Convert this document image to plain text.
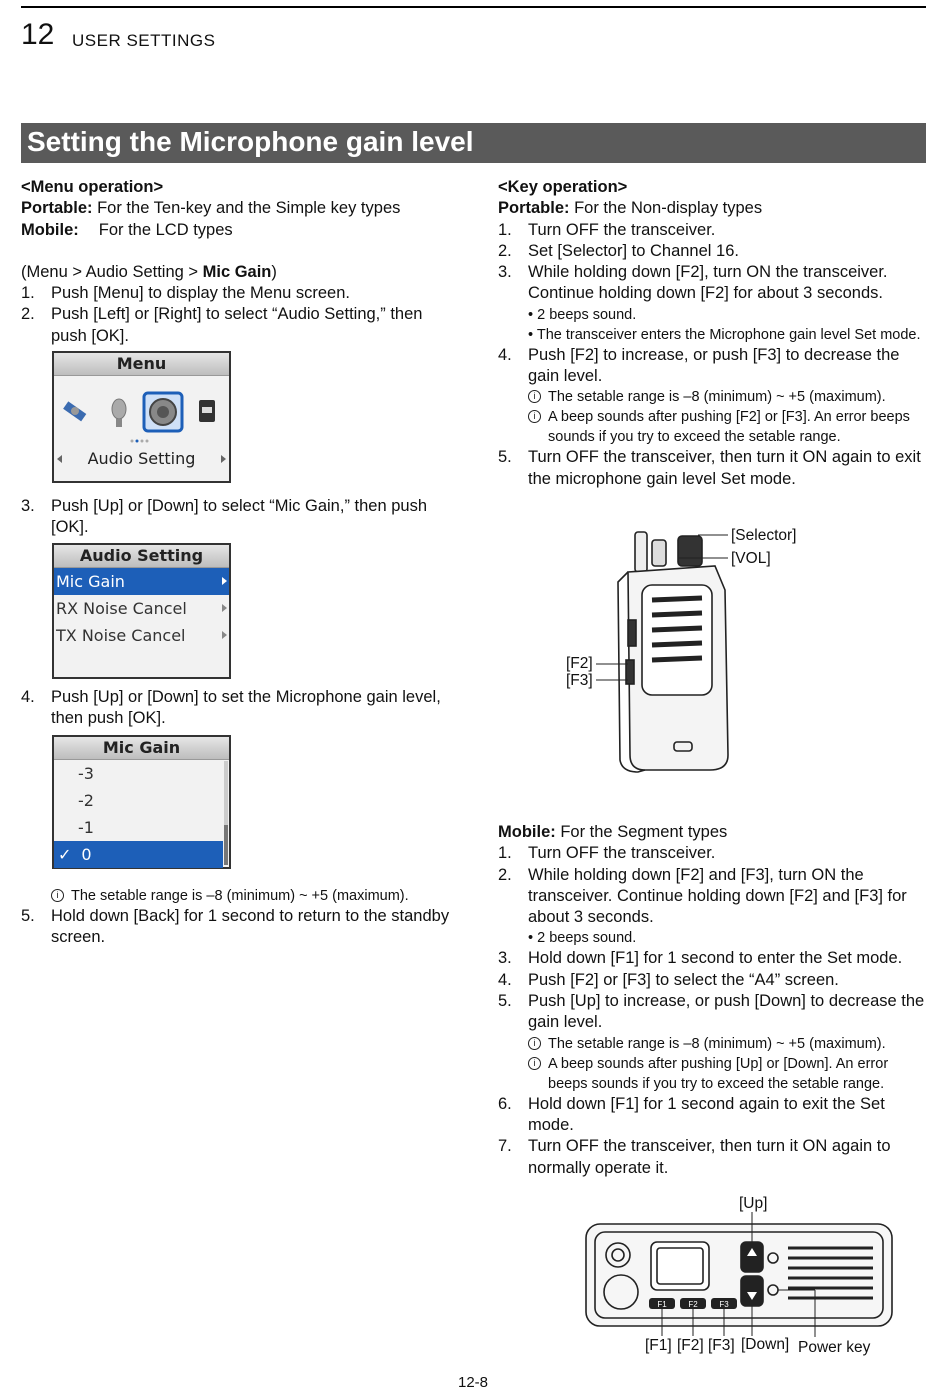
12 USER SETTINGS
Setting the Microphone gain level

<Menu operation>

Portable: For the Ten-key and the Simple key types

Mobile: For the LCD types

(Menu > Audio Setting > Mic Gain)

1. Push [Menu] to display the Menu screen.

2. Push [Left] or [Right] to select “Audio Setting,” then push [OK].

3. Push [Up] or [Down] to select “Mic Gain,” then push [OK].

4. Push [Up] or [Down] to set the Microphone gain level, then push [OK].

i The setable range is –8 (minimum) ~ +5 (maximum).

5. Hold down [Back] for 1 second to return to the standby screen.

Menu
Audio Setting
Audio Setting
Mic Gain
RX Noise Cancel
TX Noise Cancel
Mic Gain
-3
-2
-1
✓ 0

<Key operation>

Portable: For the Non-display types

1. Turn OFF the transceiver.

2. Set [Selector] to Channel 16.

3. While holding down [F2], turn ON the transceiver. Continue holding down [F2] for about 3 seconds.

• 2 beeps sound.

• The transceiver enters the Microphone gain level Set mode.

4. Push [F2] to increase, or push [F3] to decrease the gain level.

i The setable range is –8 (minimum) ~ +5 (maximum).

i A beep sounds after pushing [F2] or [F3]. An error beeps sounds if you try to exceed the setable range.

5. Turn OFF the transceiver, then turn it ON again to exit the microphone gain level Set mode.

[Selector]
[VOL]
[F2]
[F3]

Mobile: For the Segment types

1. Turn OFF the transceiver.

2. While holding down [F2] and [F3], turn ON the transceiver. Continue holding down [F2] and [F3] for about 3 seconds.

• 2 beeps sound.

3. Hold down [F1] for 1 second to enter the Set mode.

4. Push [F2] or [F3] to select the “A4” screen.

5. Push [Up] to increase, or push [Down] to decrease the gain level.

i The setable range is –8 (minimum) ~ +5 (maximum).

i A beep sounds after pushing [Up] or [Down]. An error beeps sounds if you try to exceed the setable range.

6. Hold down [F1] for 1 second again to exit the Set mode.

7. Turn OFF the transceiver, then turn it ON again to normally operate it.

F1	F2	F3
[Up]
[F1] [F2] [F3] [Down] Power key
12-8
